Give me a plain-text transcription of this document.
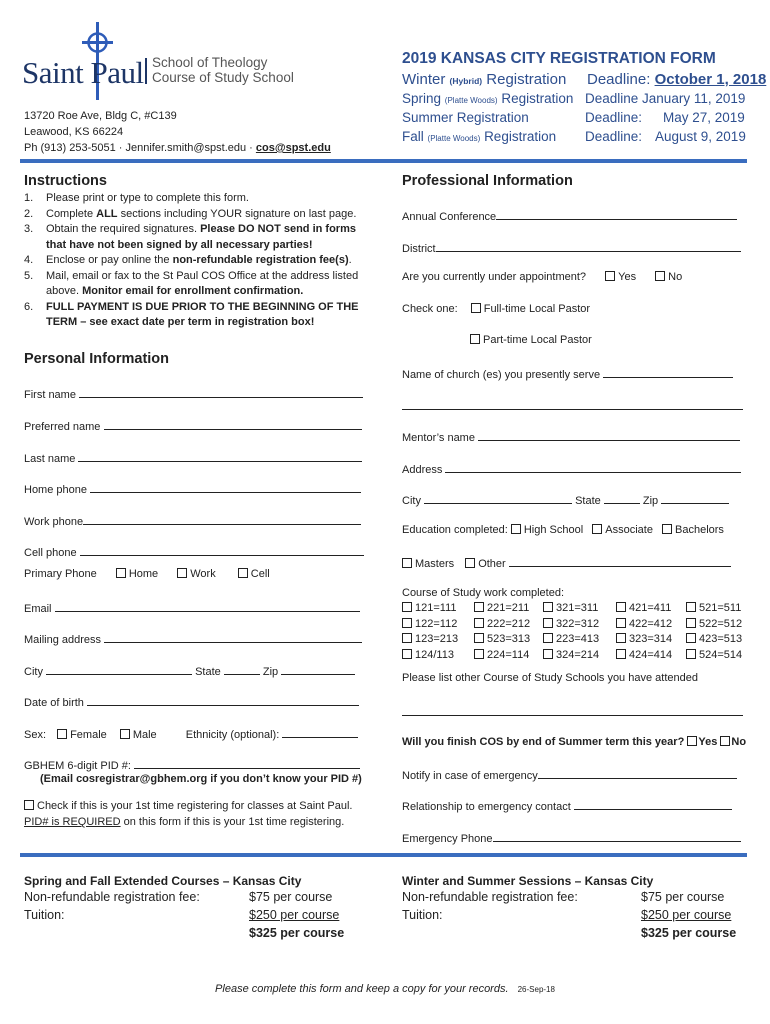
Saint Paul School of Theology
Course of Study School
13720 Roe Ave, Bldg C, #C139
Leawood, KS 66224
Ph (913) 253-5051 · Jennifer.smith@spst.edu · cos@spst.edu
2019 KANSAS CITY REGISTRATION FORM
Winter (Hybrid) Registration Deadline: October 1, 2018
Spring (Platte Woods) Registration Deadline January 11, 2019
Summer Registration	Deadline: May 27, 2019
Fall (Platte Woods) Registration Deadline: August 9, 2019
Instructions
1. Please print or type to complete this form.
2. Complete ALL sections including YOUR signature on last page.
3. Obtain the required signatures. Please DO NOT send in forms that have not been signed by all necessary parties!
4. Enclose or pay online the non-refundable registration fee(s).
5. Mail, email or fax to the St Paul COS Office at the address listed above. Monitor email for enrollment confirmation.
6. FULL PAYMENT IS DUE PRIOR TO THE BEGINNING OF THE TERM – see exact date per term in registration box!
Personal Information
First name
Preferred name
Last name
Home phone
Work phone
Cell phone
Primary Phone	Home	Work	Cell
Email
Mailing address
City	State	Zip
Date of birth
Sex: Female Male	Ethnicity (optional):
GBHEM 6-digit PID #:
(Email cosregistrar@gbhem.org if you don’t know your PID #)
Check if this is your 1st time registering for classes at Saint Paul.
PID# is REQUIRED on this form if this is your 1st time registering.
Professional Information
Annual Conference
District
Are you currently under appointment?	Yes	No
Check one: Full-time Local Pastor
Part-time Local Pastor
Name of church (es) you presently serve
Mentor’s name
Address
City	State	Zip
Education completed: High School Associate Bachelors
Masters Other
Course of Study work completed:
121=111	221=211	321=311	421=411	521=511
122=112	222=212	322=312	422=412	522=512
123=213	523=313	223=413	323=314	423=513
124/113	224=114	324=214	424=414	524=514
Please list other Course of Study Schools you have attended
Will you finish COS by end of Summer term this year? Yes No
Notify in case of emergency
Relationship to emergency contact
Emergency Phone
Spring and Fall Extended Courses – Kansas City
Non-refundable registration fee:	$75 per course
Tuition:	$250 per course
$325 per course
Winter and Summer Sessions – Kansas City
Non-refundable registration fee:	$75 per course
Tuition:	$250 per course
$325 per course
Please complete this form and keep a copy for your records. 26-Sep-18
